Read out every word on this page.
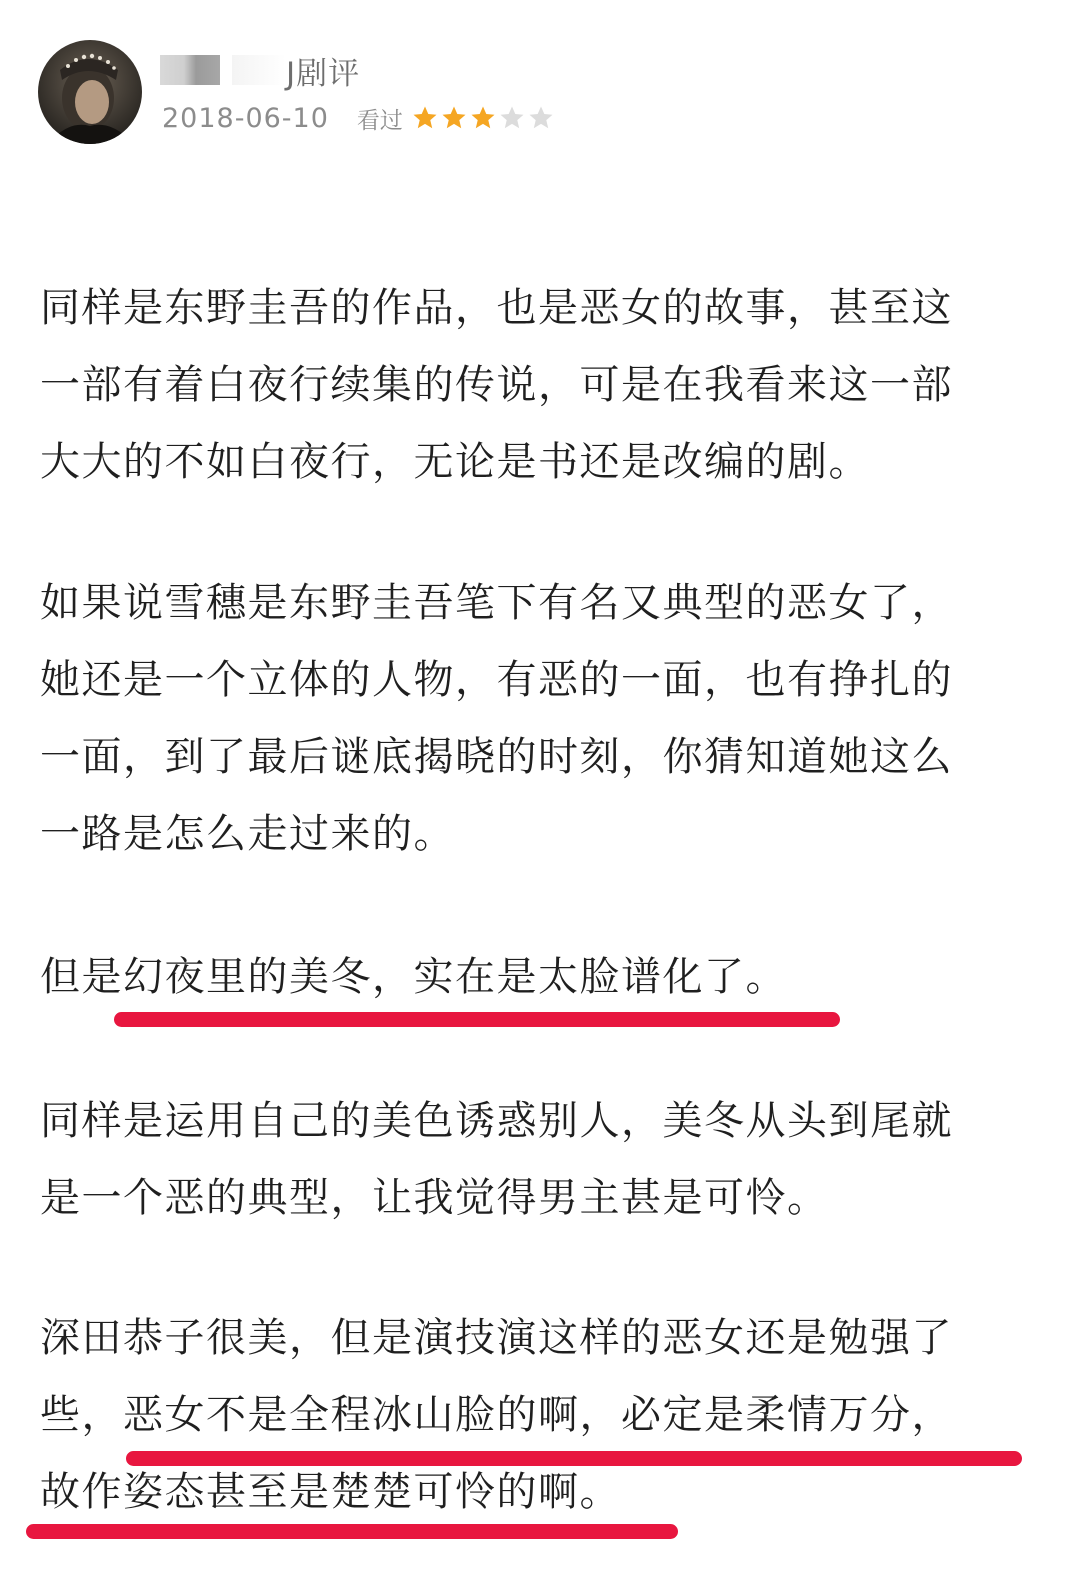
J剧评
2018-06-10 看过

同样是东野圭吾的作品，也是恶女的故事，甚至这
一部有着白夜行续集的传说，可是在我看来这一部
大大的不如白夜行，无论是书还是改编的剧。

如果说雪穗是东野圭吾笔下有名又典型的恶女了，
她还是一个立体的人物，有恶的一面，也有挣扎的
一面，到了最后谜底揭晓的时刻，你猜知道她这么
一路是怎么走过来的。

但是幻夜里的美冬，实在是太脸谱化了。

同样是运用自己的美色诱惑别人，美冬从头到尾就
是一个恶的典型，让我觉得男主甚是可怜。

深田恭子很美，但是演技演这样的恶女还是勉强了
些，恶女不是全程冰山脸的啊，必定是柔情万分，
故作姿态甚至是楚楚可怜的啊。
